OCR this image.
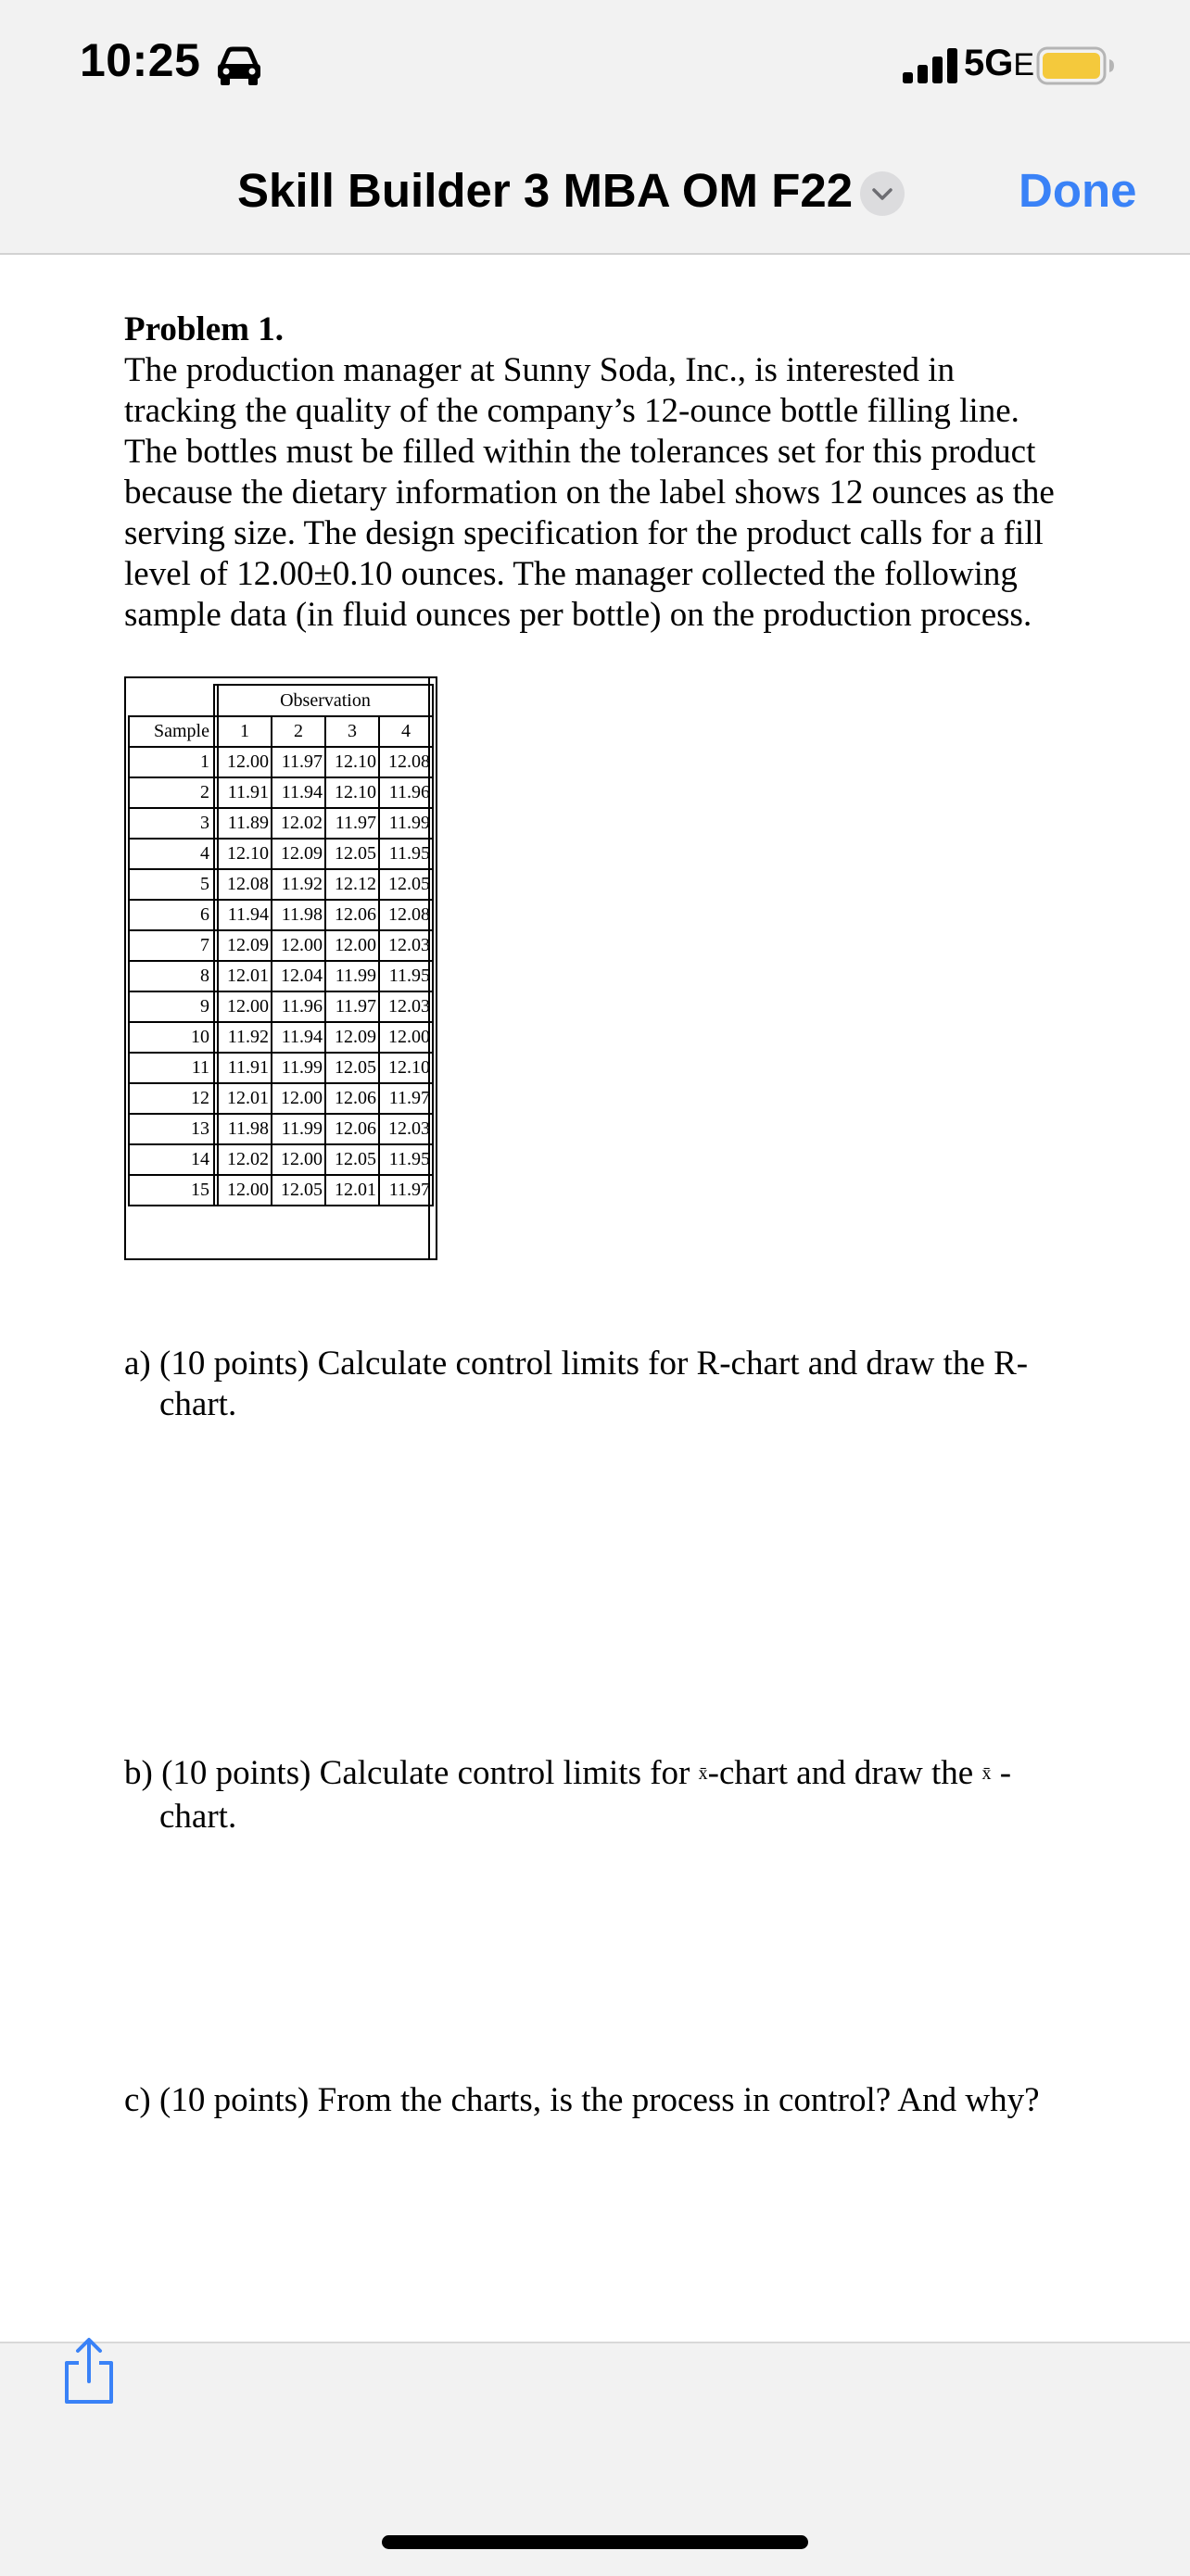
10:25	5GE
Skill Builder 3 MBA OM F22	Done

Problem 1.

The production manager at Sunny Soda, Inc., is interested in tracking the quality of the company’s 12-ounce bottle filling line. The bottles must be filled within the tolerances set for this product because the dietary information on the label shows 12 ounces as the serving size. The design specification for the product calls for a fill level of 12.00±0.10 ounces. The manager collected the following sample data (in fluid ounces per bottle) on the production process.

		Observation			
Sample		1	2	3	4
1		12.00	11.97	12.10	12.08
2		11.91	11.94	12.10	11.96
3		11.89	12.02	11.97	11.99
4		12.10	12.09	12.05	11.95
5		12.08	11.92	12.12	12.05
6		11.94	11.98	12.06	12.08
7		12.09	12.00	12.00	12.03
8		12.01	12.04	11.99	11.95
9		12.00	11.96	11.97	12.03
10		11.92	11.94	12.09	12.00
11		11.91	11.99	12.05	12.10
12		12.01	12.00	12.06	11.97
13		11.98	11.99	12.06	12.03
14		12.02	12.00	12.05	11.95
15		12.00	12.05	12.01	11.97
a) (10 points) Calculate control limits for R-chart and draw the R-
chart.
b) (10 points) Calculate control limits for x̄-chart and draw the x̄ -
chart.
c) (10 points) From the charts, is the process in control? And why?
